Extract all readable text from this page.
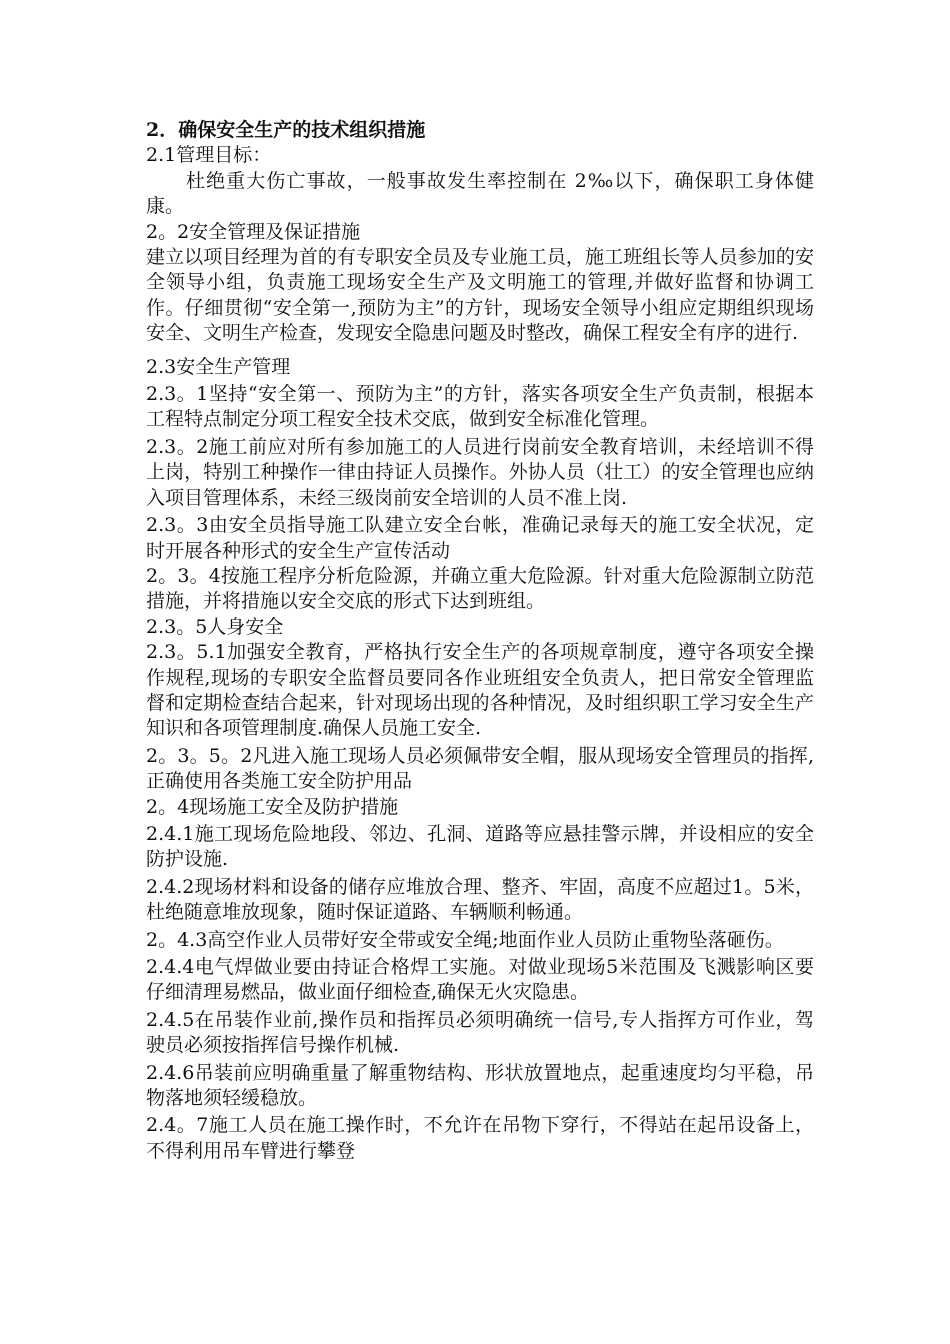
2．确保安全生产的技术组织措施

2.1管理目标：

杜绝重大伤亡事故，一般事故发生率控制在 2‰以下，确保职工身体健康。

2。2安全管理及保证措施

建立以项目经理为首的有专职安全员及专业施工员，施工班组长等人员参加的安全领导小组，负责施工现场安全生产及文明施工的管理,并做好监督和协调工作。仔细贯彻“安全第一,预防为主”的方针，现场安全领导小组应定期组织现场安全、文明生产检查，发现安全隐患问题及时整改，确保工程安全有序的进行.

2.3安全生产管理

2.3。1坚持“安全第一、预防为主”的方针，落实各项安全生产负责制，根据本工程特点制定分项工程安全技术交底，做到安全标准化管理。

2.3。2施工前应对所有参加施工的人员进行岗前安全教育培训，未经培训不得上岗，特别工种操作一律由持证人员操作。外协人员（壮工）的安全管理也应纳入项目管理体系，未经三级岗前安全培训的人员不准上岗.

2.3。3由安全员指导施工队建立安全台帐，准确记录每天的施工安全状况，定时开展各种形式的安全生产宣传活动

2。3。4按施工程序分析危险源，并确立重大危险源。针对重大危险源制立防范措施，并将措施以安全交底的形式下达到班组。

2.3。5人身安全

2.3。5.1加强安全教育，严格执行安全生产的各项规章制度，遵守各项安全操作规程,现场的专职安全监督员要同各作业班组安全负责人，把日常安全管理监督和定期检查结合起来，针对现场出现的各种情况，及时组织职工学习安全生产知识和各项管理制度.确保人员施工安全.

2。3。5。2凡进入施工现场人员必须佩带安全帽，服从现场安全管理员的指挥,正确使用各类施工安全防护用品

2。4现场施工安全及防护措施

2.4.1施工现场危险地段、邻边、孔洞、道路等应悬挂警示牌，并设相应的安全防护设施.

2.4.2现场材料和设备的储存应堆放合理、整齐、牢固，高度不应超过1。5米，杜绝随意堆放现象，随时保证道路、车辆顺利畅通。

2。4.3高空作业人员带好安全带或安全绳;地面作业人员防止重物坠落砸伤。

2.4.4电气焊做业要由持证合格焊工实施。对做业现场5米范围及飞溅影响区要仔细清理易燃品，做业面仔细检查,确保无火灾隐患。

2.4.5在吊装作业前,操作员和指挥员必须明确统一信号,专人指挥方可作业，驾驶员必须按指挥信号操作机械.

2.4.6吊装前应明确重量了解重物结构、形状放置地点，起重速度均匀平稳，吊物落地须轻缓稳放。

2.4。7施工人员在施工操作时，不允许在吊物下穿行，不得站在起吊设备上，不得利用吊车臂进行攀登
